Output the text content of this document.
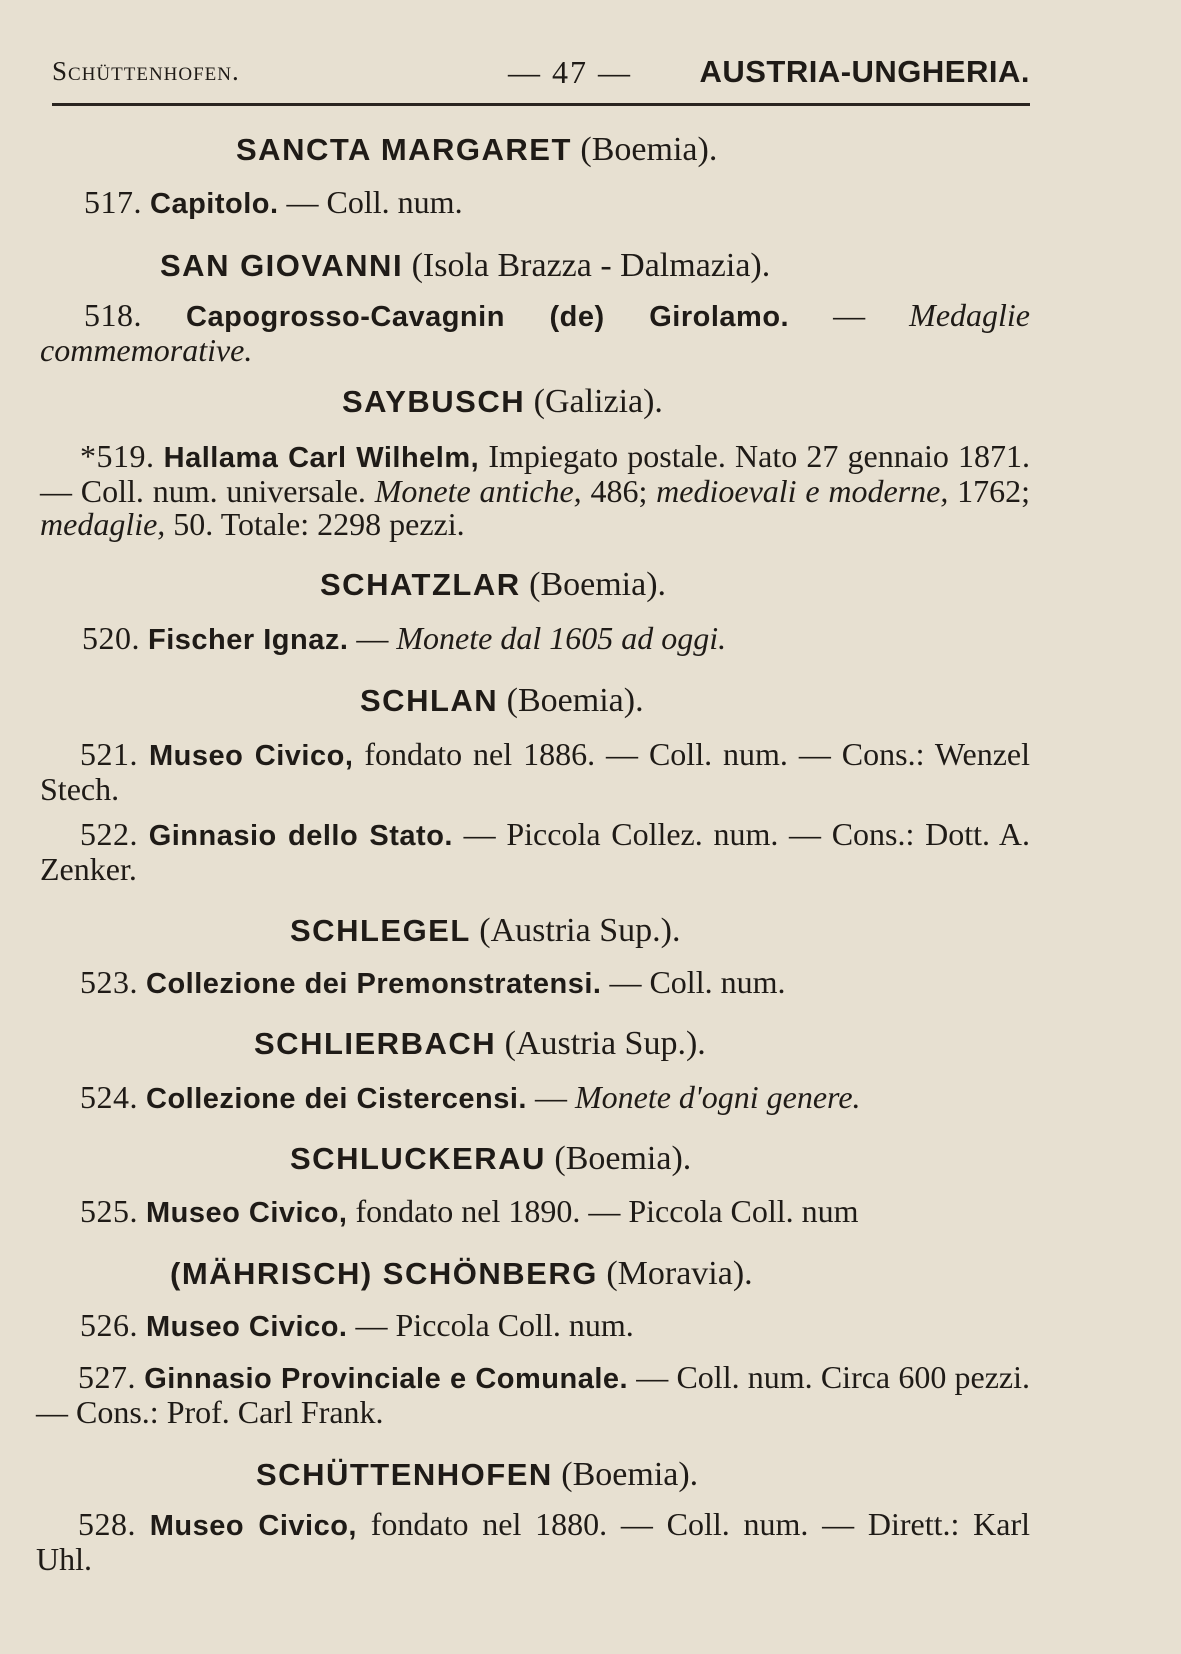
Schüttenhofen.	— 47 — AUSTRIA-UNGHERIA.
SANCTA MARGARET (Boemia).
517. Capitolo. — Coll. num.
SAN GIOVANNI (Isola Brazza - Dalmazia).
518. Capogrosso-Cavagnin (de) Girolamo. — Medaglie commemorative.
SAYBUSCH (Galizia).
*519. Hallama Carl Wilhelm, Impiegato postale. Nato 27 gennaio 1871. — Coll. num. universale. Monete antiche, 486; medioevali e moderne, 1762; medaglie, 50. Totale: 2298 pezzi.
SCHATZLAR (Boemia).
520. Fischer Ignaz. — Monete dal 1605 ad oggi.
SCHLAN (Boemia).
521. Museo Civico, fondato nel 1886. — Coll. num. — Cons.: Wenzel Stech.
522. Ginnasio dello Stato. — Piccola Collez. num. — Cons.: Dott. A. Zenker.
SCHLEGEL (Austria Sup.).
523. Collezione dei Premonstratensi. — Coll. num.
SCHLIERBACH (Austria Sup.).
524. Collezione dei Cistercensi. — Monete d'ogni genere.
SCHLUCKERAU (Boemia).
525. Museo Civico, fondato nel 1890. — Piccola Coll. num
(MÄHRISCH) SCHÖNBERG (Moravia).
526. Museo Civico. — Piccola Coll. num.
527. Ginnasio Provinciale e Comunale. — Coll. num. Circa 600 pezzi. — Cons.: Prof. Carl Frank.
SCHÜTTENHOFEN (Boemia).
528. Museo Civico, fondato nel 1880. — Coll. num. — Dirett.: Karl Uhl.
